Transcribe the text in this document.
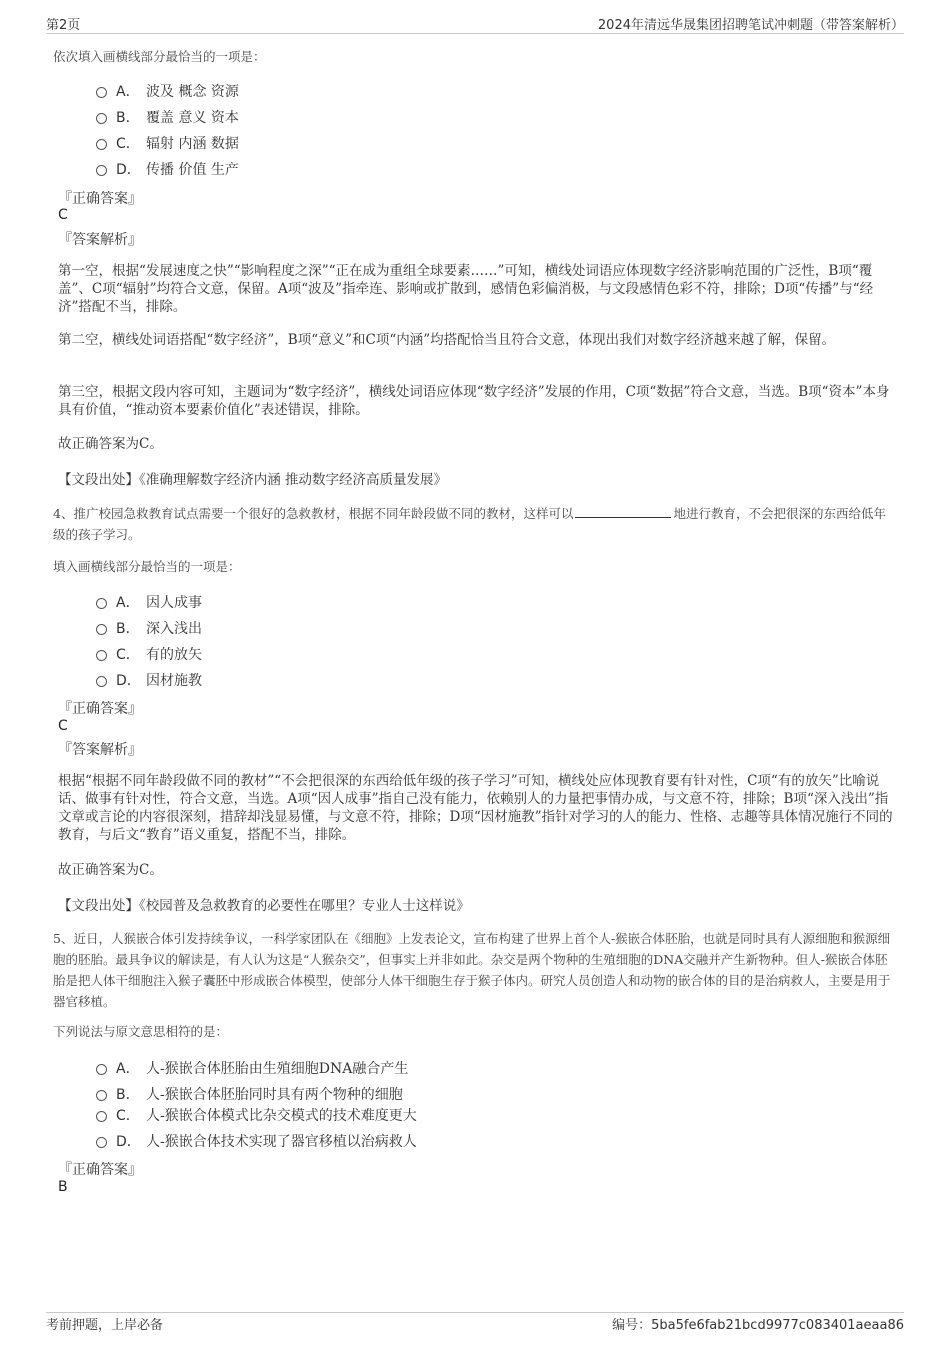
第2页	2024年清远华晟集团招聘笔试冲刺题（带答案解析）
依次填入画横线部分最恰当的一项是：
A． 波及 概念 资源
B． 覆盖 意义 资本
C． 辐射 内涵 数据
D． 传播 价值 生产
『正确答案』
C
『答案解析』
第一空，根据“发展速度之快”“影响程度之深”“正在成为重组全球要素……”可知，横线处词语应体现数字经济影响范围的广泛性，B项“覆盖”、C项“辐射”均符合文意，保留。A项“波及”指牵连、影响或扩散到，感情色彩偏消极，与文段感情色彩不符，排除；D项“传播”与“经济”搭配不当，排除。
第二空，横线处词语搭配“数字经济”，B项“意义”和C项“内涵”均搭配恰当且符合文意，体现出我们对数字经济越来越了解，保留。
第三空，根据文段内容可知，主题词为“数字经济”，横线处词语应体现“数字经济”发展的作用，C项“数据”符合文意，当选。B项“资本”本身具有价值，“推动资本要素价值化”表述错误，排除。
故正确答案为C。
【文段出处】《准确理解数字经济内涵 推动数字经济高质量发展》
4、推广校园急救教育试点需要一个很好的急救教材，根据不同年龄段做不同的教材，这样可以	地进行教育，不会把很深的东西给低年级的孩子学习。
填入画横线部分最恰当的一项是：
A． 因人成事
B． 深入浅出
C． 有的放矢
D． 因材施教
『正确答案』
C
『答案解析』
根据“根据不同年龄段做不同的教材”“不会把很深的东西给低年级的孩子学习”可知，横线处应体现教育要有针对性，C项“有的放矢”比喻说话、做事有针对性，符合文意，当选。A项“因人成事”指自己没有能力，依赖别人的力量把事情办成，与文意不符，排除；B项“深入浅出”指文章或言论的内容很深刻，措辞却浅显易懂，与文意不符，排除；D项“因材施教”指针对学习的人的能力、性格、志趣等具体情况施行不同的教育，与后文“教育”语义重复，搭配不当，排除。
故正确答案为C。
【文段出处】《校园普及急救教育的必要性在哪里？专业人士这样说》
5、近日，人猴嵌合体引发持续争议，一科学家团队在《细胞》上发表论文，宣布构建了世界上首个人-猴嵌合体胚胎，也就是同时具有人源细胞和猴源细胞的胚胎。最具争议的解读是，有人认为这是“人猴杂交”，但事实上并非如此。杂交是两个物种的生殖细胞的DNA交融并产生新物种。但人-猴嵌合体胚胎是把人体干细胞注入猴子囊胚中形成嵌合体模型，使部分人体干细胞生存于猴子体内。研究人员创造人和动物的嵌合体的目的是治病救人，主要是用于器官移植。
下列说法与原文意思相符的是：
A． 人-猴嵌合体胚胎由生殖细胞DNA融合产生
B． 人-猴嵌合体胚胎同时具有两个物种的细胞
C． 人-猴嵌合体模式比杂交模式的技术难度更大
D． 人-猴嵌合体技术实现了器官移植以治病救人
『正确答案』
B
考前押题，上岸必备	编号：5ba5fe6fab21bcd9977c083401aeaa86
